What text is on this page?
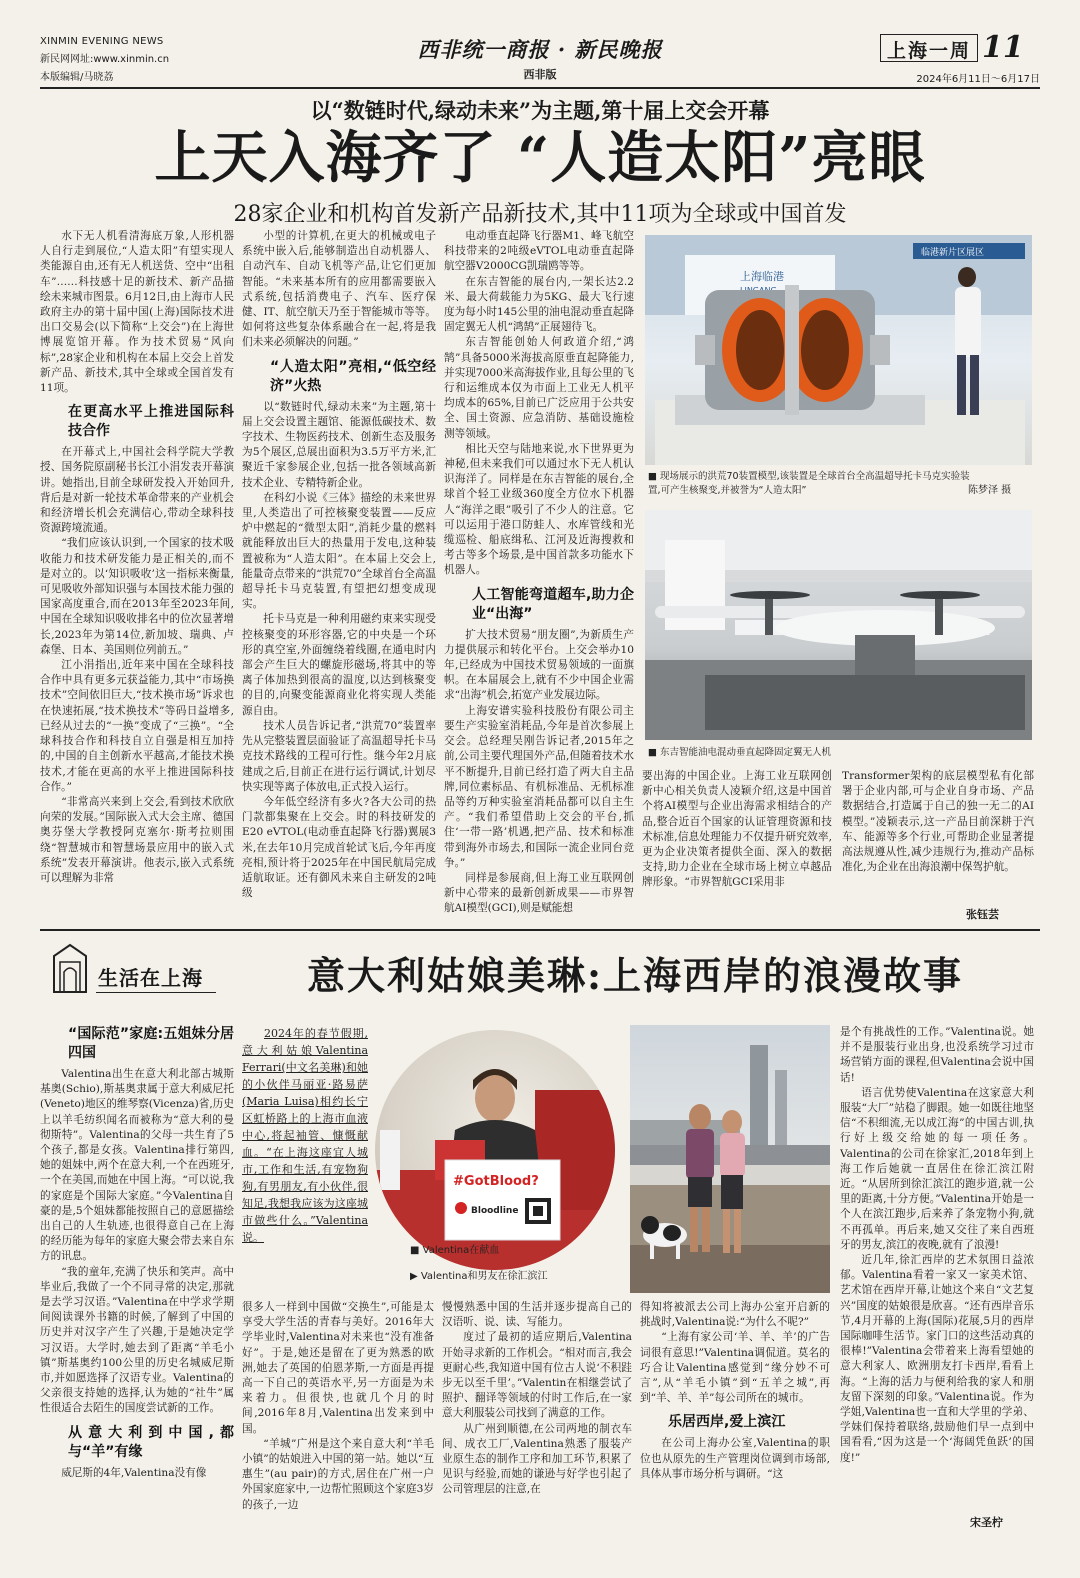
XINMIN EVENING NEWS
新民网网址:www.xinmin.cn
本版编辑/马晓荔
西非统一商报 · 新民晚报
西非版
上海一周 11
2024年6月11日～6月17日
以“数链时代,绿动未来”为主题,第十届上交会开幕
上天入海齐了 “人造太阳”亮眼
28家企业和机构首发新产品新技术,其中11项为全球或中国首发

水下无人机看清海底万象,人形机器人自行走到展位,“人造太阳”有望实现人类能源自由,还有无人机送货、空中“出租车”……科技感十足的新技术、新产品描绘未来城市图景。6月12日,由上海市人民政府主办的第十届中国(上海)国际技术进出口交易会(以下简称“上交会”)在上海世博展览馆开幕。作为技术贸易“风向标”,28家企业和机构在本届上交会上首发新产品、新技术,其中全球或全国首发有11项。

在更高水平上推进国际科技合作

在开幕式上,中国社会科学院大学教授、国务院原副秘书长江小涓发表开幕演讲。她指出,目前全球研发投入开始回升,背后是对新一轮技术革命带来的产业机会和经济增长机会充满信心,带动全球科技资源跨境流通。

“我们应该认识到,一个国家的技术吸收能力和技术研发能力是正相关的,而不是对立的。以‘知识吸收’这一指标来衡量,可见吸收外部知识强与本国技术能力强的国家高度重合,而在2013年至2023年间,中国在全球知识吸收排名中的位次显著增长,2023年为第14位,新加坡、瑞典、卢森堡、日本、美国则位列前五。”

江小涓指出,近年来中国在全球科技合作中具有更多元获益能力,其中“市场换技术”空间依旧巨大,“技术换市场”诉求也在快速拓展,“技术换技术”等码日益增多,已经从过去的“一换”变成了“三换”。“全球科技合作和科技自立自强是相互加持的,中国的自主创新水平越高,才能技术换技术,才能在更高的水平上推进国际科技合作。”

“非常高兴来到上交会,看到技术欣欣向荣的发展。”国际嵌入式大会主席、德国奥芬堡大学教授阿克塞尔·斯考拉则围绕“智慧城市和智慧场景应用中的嵌入式系统”发表开幕演讲。他表示,嵌入式系统可以理解为非常

小型的计算机,在更大的机械或电子系统中嵌入后,能够制造出自动机器人、自动汽车、自动飞机等产品,让它们更加智能。“未来基本所有的应用都需要嵌入式系统,包括消费电子、汽车、医疗保健、IT、航空航天乃至于智能城市等等。如何将这些复杂体系融合在一起,将是我们未来必须解决的问题。”

“人造太阳”亮相,“低空经济”火热

以“数链时代,绿动未来”为主题,第十届上交会设置主题馆、能源低碳技术、数字技术、生物医药技术、创新生态及服务为5个展区,总展出面积为3.5万平方米,汇聚近千家参展企业,包括一批各领域高新技术企业、专精特新企业。

在科幻小说《三体》描绘的未来世界里,人类造出了可控核聚变装置——反应炉中燃起的“微型太阳”,消耗少量的燃料就能释放出巨大的热量用于发电,这种装置被称为“人造太阳”。在本届上交会上,能量奇点带来的“洪荒70”全球首台全高温超导托卡马克装置,有望把幻想变成现实。

托卡马克是一种利用磁约束来实现受控核聚变的环形容器,它的中央是一个环形的真空室,外面缠绕着线圈,在通电时内部会产生巨大的螺旋形磁场,将其中的等离子体加热到很高的温度,以达到核聚变的目的,向聚变能源商业化将实现人类能源自由。

技术人员告诉记者,“洪荒70”装置率先从完整装置层面验证了高温超导托卡马克技术路线的工程可行性。继今年2月底建成之后,目前正在进行运行调试,计划尽快实现等离子体放电,正式投入运行。

今年低空经济有多火?各大公司的热门款都集聚在上交会。时的科技研发的E20 eVTOL(电动垂直起降飞行器)翼展3米,在去年10月完成首轮试飞后,今年再度亮相,预计将于2025年在中国民航局完成适航取证。还有御风未来自主研发的2吨级

电动垂直起降飞行器M1、峰飞航空科技带来的2吨级eVTOL电动垂直起降航空器V2000CG凯瑞鸥等等。

在东吉智能的展台内,一架长达2.2米、最大荷载能力为5KG、最大飞行速度为每小时145公里的油电混动垂直起降固定翼无人机“鸿鹄”正展翅待飞。

东吉智能创始人何政道介绍,“鸿鹄”具备5000米海拔高原垂直起降能力,并实现7000米高海拔作业,且每公里的飞行和运维成本仅为市面上工业无人机平均成本的65%,目前已广泛应用于公共安全、国土资源、应急消防、基础设施检测等领域。

相比天空与陆地来说,水下世界更为神秘,但未来我们可以通过水下无人机认识海洋了。同样是在东吉智能的展台,全球首个轻工业级360度全方位水下机器人“海洋之眼”吸引了不少人的注意。它可以运用于港口防蛙人、水库管线和光缆巡检、船底缉私、江河及近海搜救和考古等多个场景,是中国首款多功能水下机器人。

人工智能弯道超车,助力企业“出海”

扩大技术贸易“朋友圈”,为新质生产力提供展示和转化平台。上交会举办10年,已经成为中国技术贸易领域的一面旗帜。在本届展会上,就有不少中国企业需求“出海”机会,拓宽产业发展边际。

上海安谱实验科技股份有限公司主要生产实验室消耗品,今年是首次参展上交会。总经理吴刚告诉记者,2015年之前,公司主要代理国外产品,但随着技术水平不断提升,目前已经打造了两大自主品牌,同位素标品、有机标准品、无机标准品等约万种实验室消耗品都可以自主生产。“我们希望借助上交会的平台,抓住‘一带一路’机遇,把产品、技术和标准带到海外市场去,和国际一流企业同台竞争。”

同样是参展商,但上海工业互联网创新中心带来的最新创新成果——市界智航AI模型(GCI),则是赋能想

上海临港
临港新片区展区
■ 现场展示的洪荒70装置模型,该装置是全球首台全高温超导托卡马克实验装置,可产生核聚变,并被誉为“人造太阳”	陈梦泽 摄
■ 东吉智能油电混动垂直起降固定翼无人机

要出海的中国企业。上海工业互联网创新中心相关负责人凌颖介绍,这是中国首个将AI模型与企业出海需求相结合的产品,整合近百个国家的认证管理资源和技术标准,信息处理能力不仅提升研究效率,更为企业决策者提供全面、深入的数据支持,助力企业在全球市场上树立卓越品牌形象。“市界智航GCI采用非

Transformer架构的底层模型私有化部署于企业内部,可与企业自身市场、产品数据结合,打造属于自己的独一无二的AI模型。”凌颖表示,这一产品目前深耕于汽车、能源等多个行业,可帮助企业显著提高法规遵从性,减少违规行为,推动产品标准化,为企业在出海浪潮中保驾护航。

张钰芸
生活在上海	意大利姑娘美琳:上海西岸的浪漫故事
“国际范”家庭:五姐妹分居四国

Valentina出生在意大利北部古城斯基奥(Schio),斯基奥隶属于意大利威尼托(Veneto)地区的维琴察(Vicenza)省,历史上以羊毛纺织闻名而被称为“意大利的曼彻斯特”。Valentina的父母一共生育了5个孩子,都是女孩。Valentina排行第四,她的姐妹中,两个在意大利,一个在西班牙,一个在美国,而她在中国上海。“可以说,我的家庭是个国际大家庭。”今Valentina自豪的是,5个姐妹都能按照自己的意愿描绘出自己的人生轨迹,也很得意自己在上海的经历能为每年的家庭大聚会带去来自东方的讯息。

“我的童年,充满了快乐和笑声。高中毕业后,我做了一个不同寻常的决定,那就是去学习汉语。”Valentina在中学求学期间阅读课外书籍的时候,了解到了中国的历史并对汉字产生了兴趣,于是她决定学习汉语。大学时,她去到了距离“羊毛小镇”斯基奥约100公里的历史名城威尼斯市,并如愿选择了汉语专业。Valentina的父亲很支持她的选择,认为她的“社牛”属性很适合去陌生的国度尝试新的工作。

从意大利到中国,都与“羊”有缘

威尼斯的4年,Valentina没有像

2024年的春节假期,意大利姑娘Valentina Ferrari(中文名美琳)和她的小伙伴马丽亚·路易萨(Maria Luisa)相约长宁区虹桥路上的上海市血液中心,将起袖管、慷慨献血。“在上海这座宜人城市,工作和生活,有宠物狗狗,有男朋友,有小伙伴,很知足,我想我应该为这座城市做些什么。”Valentina说。

#GotBlood?
Bloodline
■ Valentina在献血
▶ Valentina和男友在徐汇滨江

很多人一样到中国做“交换生”,可能是太享受大学生活的青春与美好。2016年大学毕业时,Valentina对未来也“没有准备好”。于是,她还是留在了更为熟悉的欧洲,她去了英国的伯恩茅斯,一方面是再提高一下自己的英语水平,另一方面是为未来着力。但很快,也就几个月的时间,2016年8月,Valentina出发来到中国。

“羊城”广州是这个来自意大利“羊毛小镇”的姑娘进入中国的第一站。她以“互惠生”(au pair)的方式,居住在广州一户外国家庭家中,一边帮忙照顾这个家庭3岁的孩子,一边

慢慢熟悉中国的生活并逐步提高自己的汉语听、说、读、写能力。

度过了最初的适应期后,Valentina开始寻求新的工作机会。“相对而言,我会更耐心些,我知道中国有位古人说‘不积跬步无以至千里’。”Valentin在相继尝试了照护、翻译等领域的付时工作后,在一家意大利服装公司找到了满意的工作。

从广州到顺德,在公司两地的制衣车间、成衣工厂,Valentina熟悉了服装产业原生态的制作工序和加工环节,积累了见识与经验,而她的谦逊与好学也引起了公司管理层的注意,在

得知将被派去公司上海办公室开启新的挑战时,Valentina说:“为什么不呢?”

“上海有家公司‘羊、羊、羊’的广告词很有意思!”Valentina调侃道。莫名的巧合让Valentina感觉到“缘分妙不可言”,从“羊毛小镇”到“五羊之城”,再到“羊、羊、羊”每公司所在的城市。

乐居西岸,爱上滨江

在公司上海办公室,Valentina的职位也从原先的生产管理岗位调到市场部,具体从事市场分析与调研。“这

是个有挑战性的工作。”Valentina说。她并不是服装行业出身,也没系统学习过市场营销方面的课程,但Valentina会说中国话!

语言优势使Valentina在这家意大利服装“大厂”站稳了脚跟。她一如既往地坚信“不积细流,无以成江海”的中国古训,执行好上级交给她的每一项任务。Valentina的公司在徐家汇,2018年到上海工作后她就一直居住在徐汇滨江附近。“从居所到徐汇滨江的跑步道,就一公里的距离,十分方便。”Valentina开始是一个人在滨江跑步,后来养了条宠物小狗,就不再孤单。再后来,她又交往了来自西班牙的男友,滨江的夜晚,就有了浪漫!

近几年,徐汇西岸的艺术氛围日益浓郁。Valentina看着一家又一家美术馆、艺术馆在西岸开幕,让她这个来自“文艺复兴”国度的姑娘很是欣喜。“还有西岸音乐节,4月开幕的上海(国际)花展,5月的西岸国际咖啡生活节。家门口的这些活动真的很棒!”Valentina会带着来上海看望她的意大利家人、欧洲朋友打卡西岸,看看上海。“上海的活力与便利给我的家人和朋友留下深刻的印象。”Valentina说。作为学姐,Valentina也一直和大学里的学弟、学妹们保持着联络,鼓励他们早一点到中国看看,“因为这是一个‘海阔凭鱼跃’的国度!”

宋圣柠
